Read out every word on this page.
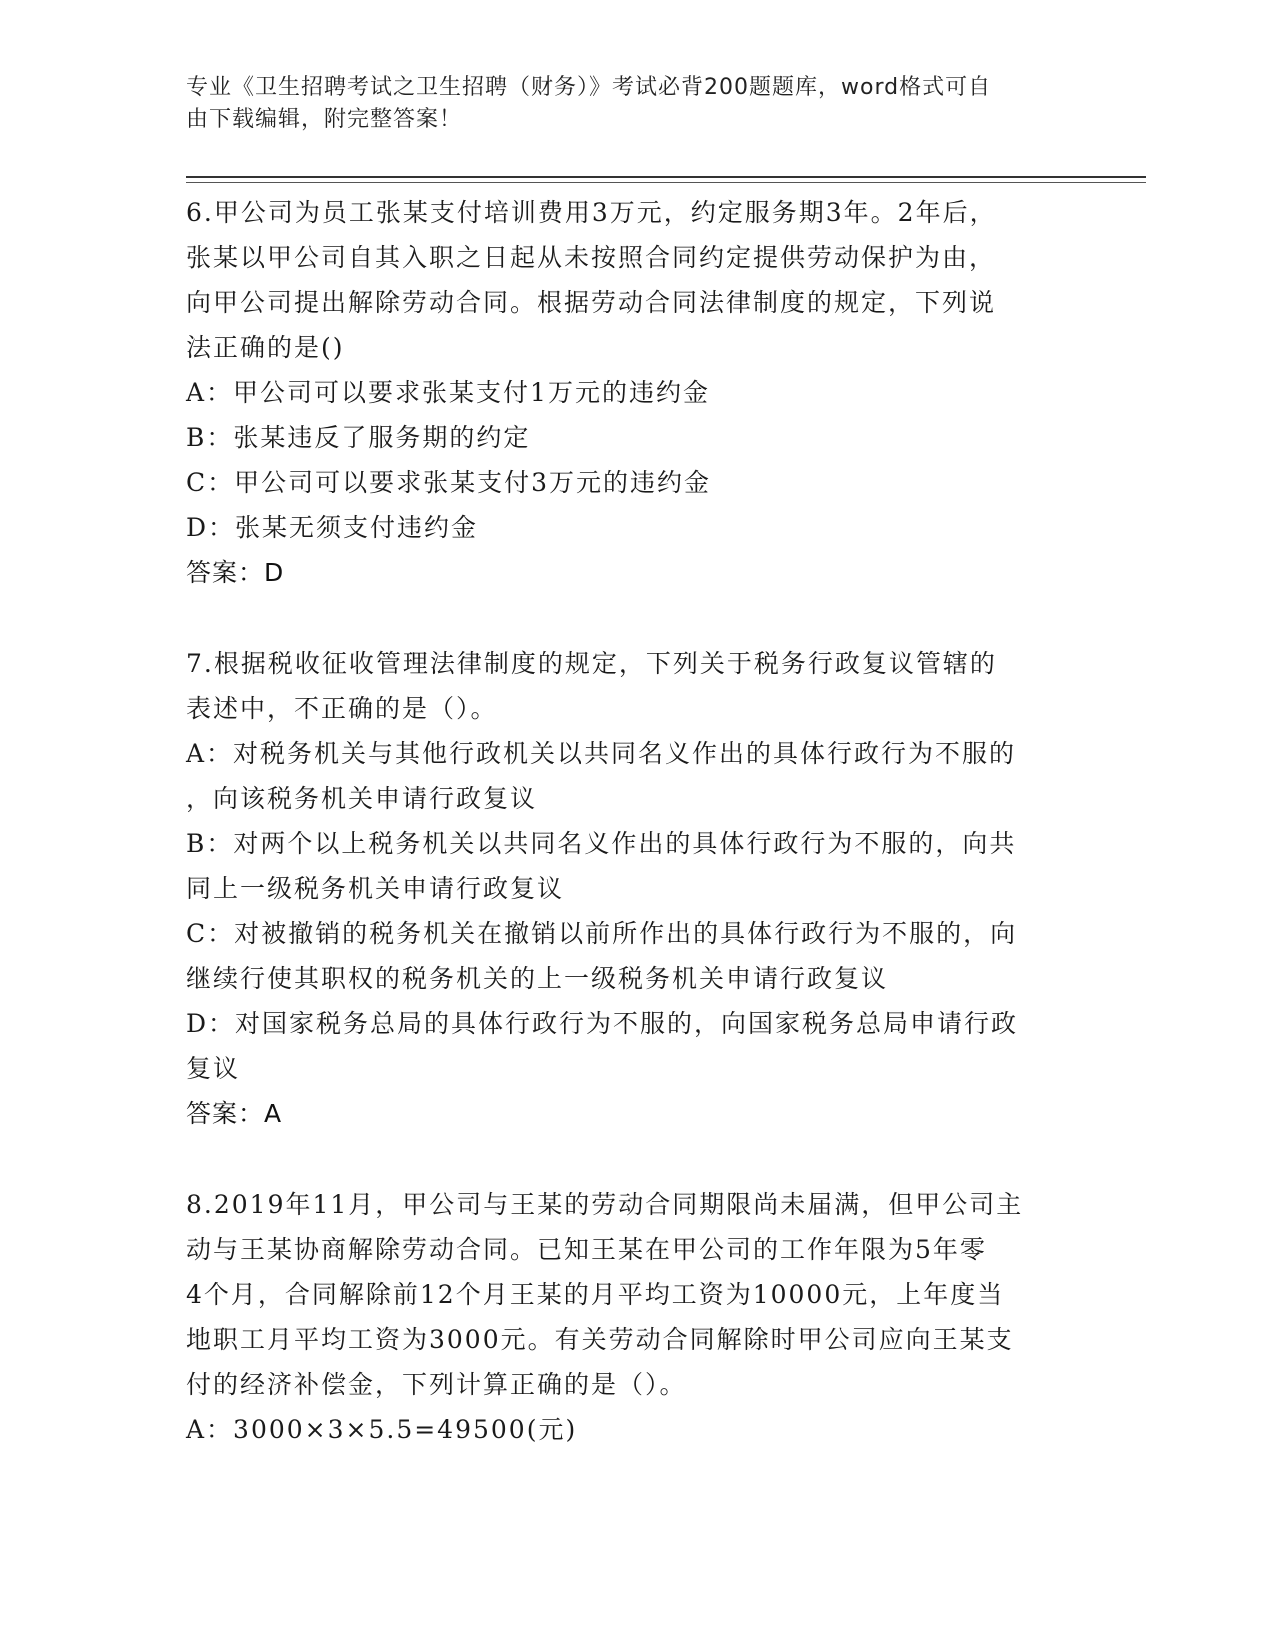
专业《卫生招聘考试之卫生招聘（财务）》考试必背200题题库，word格式可自
由下载编辑，附完整答案！

6.甲公司为员工张某支付培训费用3万元，约定服务期3年。2年后，

张某以甲公司自其入职之日起从未按照合同约定提供劳动保护为由，

向甲公司提出解除劳动合同。根据劳动合同法律制度的规定，下列说

法正确的是()

A：甲公司可以要求张某支付1万元的违约金

B：张某违反了服务期的约定

C：甲公司可以要求张某支付3万元的违约金

D：张某无须支付违约金

答案：D

7.根据税收征收管理法律制度的规定，下列关于税务行政复议管辖的

表述中，不正确的是（）。

A：对税务机关与其他行政机关以共同名义作出的具体行政行为不服的

，向该税务机关申请行政复议

B：对两个以上税务机关以共同名义作出的具体行政行为不服的，向共

同上一级税务机关申请行政复议

C：对被撤销的税务机关在撤销以前所作出的具体行政行为不服的，向

继续行使其职权的税务机关的上一级税务机关申请行政复议

D：对国家税务总局的具体行政行为不服的，向国家税务总局申请行政

复议

答案：A

8.2019年11月，甲公司与王某的劳动合同期限尚未届满，但甲公司主

动与王某协商解除劳动合同。已知王某在甲公司的工作年限为5年零

4个月，合同解除前12个月王某的月平均工资为10000元，上年度当

地职工月平均工资为3000元。有关劳动合同解除时甲公司应向王某支

付的经济补偿金，下列计算正确的是（）。

A：3000×3×5.5=49500(元)
